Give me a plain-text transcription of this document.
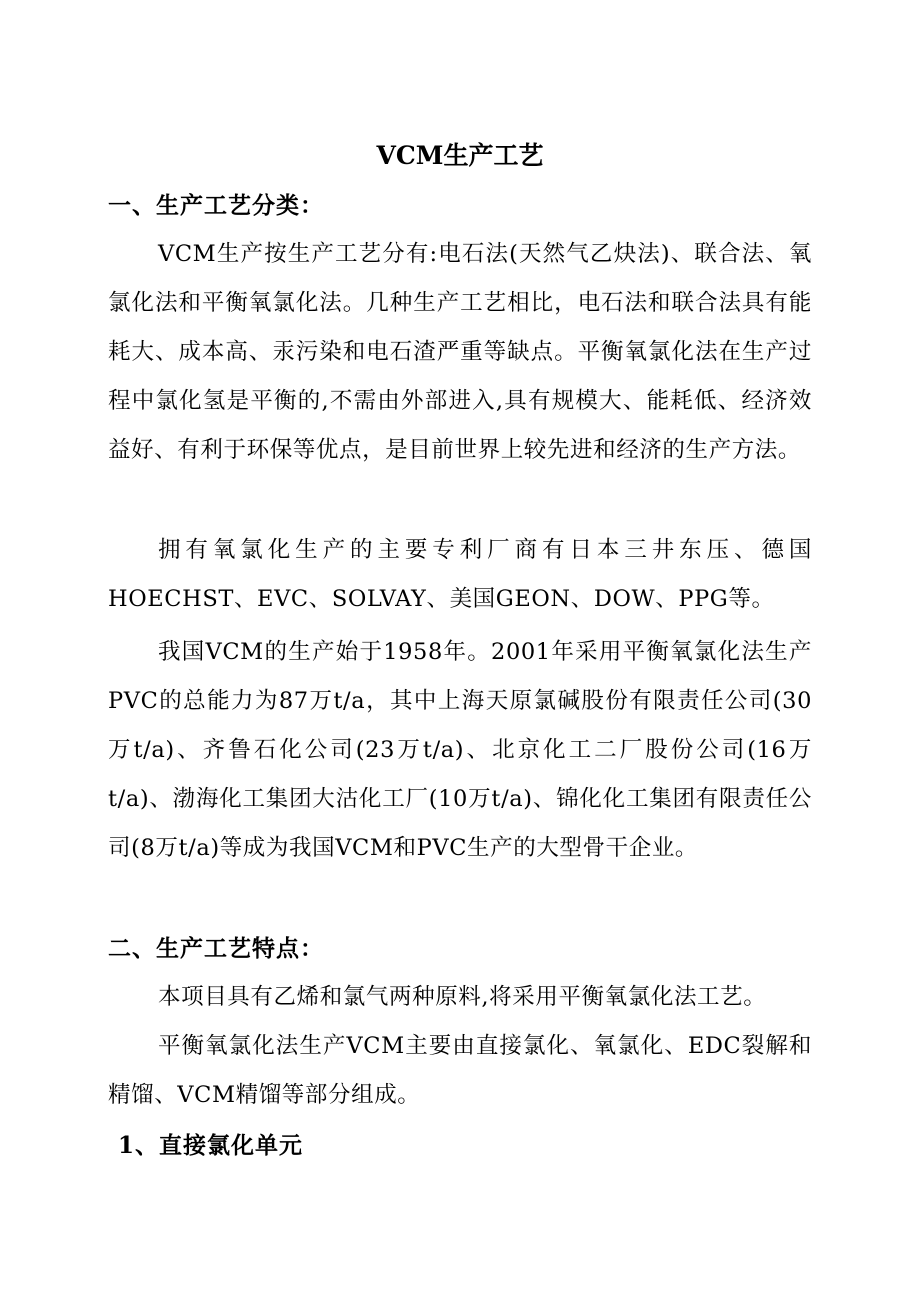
VCM生产工艺
一、生产工艺分类：

VCM生产按生产工艺分有:电石法(天然气乙炔法)、联合法、氧氯化法和平衡氧氯化法。几种生产工艺相比，电石法和联合法具有能耗大、成本高、汞污染和电石渣严重等缺点。平衡氧氯化法在生产过程中氯化氢是平衡的,不需由外部进入,具有规模大、能耗低、经济效益好、有利于环保等优点，是目前世界上较先进和经济的生产方法。

拥有氧氯化生产的主要专利厂商有日本三井东压、德国HOECHST、EVC、SOLVAY、美国GEON、DOW、PPG等。

我国VCM的生产始于1958年。2001年采用平衡氧氯化法生产PVC的总能力为87万t/a，其中上海天原氯碱股份有限责任公司(30万t/a)、齐鲁石化公司(23万t/a)、北京化工二厂股份公司(16万t/a)、渤海化工集团大沽化工厂(10万t/a)、锦化化工集团有限责任公司(8万t/a)等成为我国VCM和PVC生产的大型骨干企业。

二、生产工艺特点：

本项目具有乙烯和氯气两种原料,将采用平衡氧氯化法工艺。

平衡氧氯化法生产VCM主要由直接氯化、氧氯化、EDC裂解和精馏、VCM精馏等部分组成。

1、直接氯化单元
